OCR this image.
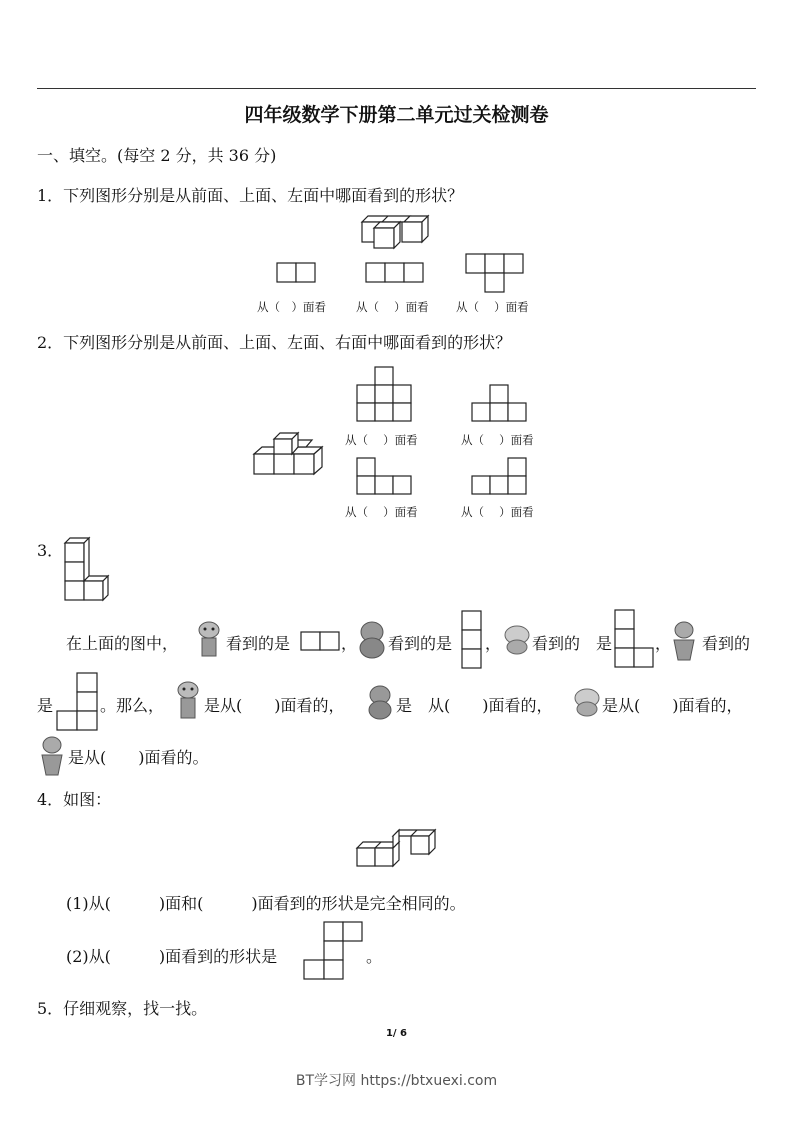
四年级数学下册第二单元过关检测卷
一、填空。(每空 2 分，共 36 分)
1．下列图形分别是从前面、上面、左面中哪面看到的形状？
从（　）面看	从（　 ）面看 从（　 ）面看
2．下列图形分别是从前面、上面、左面、右面中哪面看到的形状？
从（　 ）面看	从（　 ）面看
从（　 ）面看	从（　 ）面看
3．
在上面的图中，	看到的是	， 看到的是 ， 看到的　是	， 看到的
是	。那么， 是从(　　)面看的，	是　从(　　)面看的，	是从(　　)面看的，
是从(　　)面看的。
4．如图：
(1)从(　　　)面和(　　　)面看到的形状是完全相同的。
(2)从(　　　)面看到的形状是	。
5．仔细观察，找一找。
1/ 6
BT学习网 https://btxuexi.com
